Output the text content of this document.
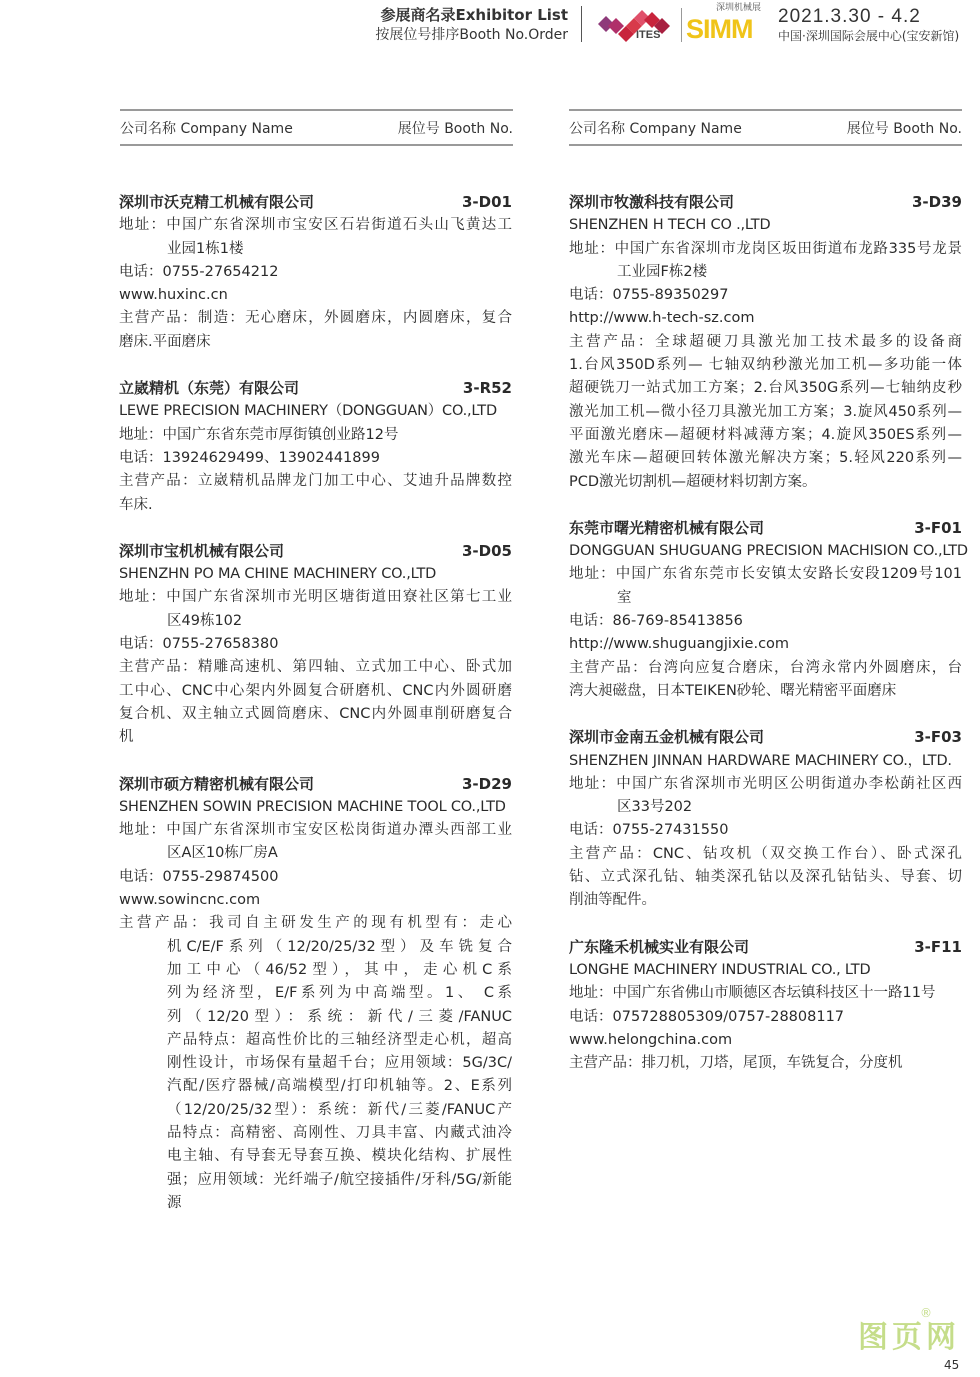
参展商名录Exhibitor List
按展位号排序Booth No.Order	ITES
深圳机械展
SIMM 2021.3.30 - 4.2
中国·深圳国际会展中心(宝安新馆)
公司名称 Company Name	展位号 Booth No.	公司名称 Company Name	展位号 Booth No.
深圳市沃克精工机械有限公司	3-D01
地址：中国广东省深圳市宝安区石岩街道石头山飞黄达工
业园1栋1楼
电话：0755-27654212
www.huxinc.cn
主营产品：制造：无心磨床，外圆磨床，内圆磨床，复合
磨床.平面磨床
立崴精机（东莞）有限公司	3-R52
LEWE PRECISION MACHINERY（DONGGUAN）CO.,LTD
地址：中国广东省东莞市厚街镇创业路12号
电话：13924629499、13902441899
主营产品：立崴精机品牌龙门加工中心、艾迪升品牌数控
车床.
深圳市宝机机械有限公司	3-D05
SHENZHN PO MA CHINE MACHINERY CO.,LTD
地址：中国广东省深圳市光明区塘街道田寮社区第七工业
区49栋102
电话：0755-27658380
主营产品：精雕高速机、第四轴、立式加工中心、卧式加
工中心、CNC中心架内外圆复合研磨机、CNC内外圆研磨
复合机、双主轴立式圆筒磨床、CNC内外圆車削研磨复合
机
深圳市硕方精密机械有限公司	3-D29
SHENZHEN SOWIN PRECISION MACHINE TOOL CO.,LTD
地址：中国广东省深圳市宝安区松岗街道办潭头西部工业
区A区10栋厂房A
电话：0755-29874500
www.sowincnc.com
主营产品：我司自主研发生产的现有机型有：走心
机C/E/F系列（12/20/25/32型）及车铣复合
加工中心（46/52型），其中，走心机C系
列为经济型，E/F系列为中高端型。1、 C系
列（12/20型）：系统：新代/三菱/FANUC
产品特点：超高性价比的三轴经济型走心机，超高
刚性设计，市场保有量超千台；应用领域：5G/3C/
汽配/医疗器械/高端模型/打印机轴等。2、E系列
（12/20/25/32型）：系统：新代/三菱/FANUC产
品特点：高精密、高刚性、刀具丰富、内藏式油冷
电主轴、有导套无导套互换、模块化结构、扩展性
强；应用领域：光纤端子/航空接插件/牙科/5G/新能
源
深圳市牧激科技有限公司	3-D39
SHENZHEN H TECH CO .,LTD
地址：中国广东省深圳市龙岗区坂田街道布龙路335号龙景
工业园F栋2楼
电话：0755-89350297
http://www.h-tech-sz.com
主营产品：全球超硬刀具激光加工技术最多的设备商
1.台风350D系列— 七轴双纳秒激光加工机—多功能一体
超硬铣刀一站式加工方案；2.台风350G系列—七轴纳皮秒
激光加工机—微小径刀具激光加工方案；3.旋风450系列—
平面激光磨床—超硬材料减薄方案；4.旋风350ES系列—
激光车床—超硬回转体激光解决方案；5.轻风220系列—
PCD激光切割机—超硬材料切割方案。
东莞市曙光精密机械有限公司	3-F01
DONGGUAN SHUGUANG PRECISION MACHISION CO.,LTD
地址：中国广东省东莞市长安镇太安路长安段1209号101
室
电话：86-769-85413856
http://www.shuguangjixie.com
主营产品：台湾向应复合磨床，台湾永常内外圆磨床，台
湾大昶磁盘，日本TEIKEN砂轮、曙光精密平面磨床
深圳市金南五金机械有限公司	3-F03
SHENZHEN JINNAN HARDWARE MACHINERY CO.，LTD.
地址：中国广东省深圳市光明区公明街道办李松蓢社区西
区33号202
电话：0755-27431550
主营产品：CNC、钻攻机（双交换工作台）、卧式深孔
钻、立式深孔钻、轴类深孔钻以及深孔钻钻头、导套、切
削油等配件。
广东隆禾机械实业有限公司	3-F11
LONGHE MACHINERY INDUSTRIAL CO., LTD
地址：中国广东省佛山市顺德区杏坛镇科技区十一路11号
电话：075728805309/0757-28808117
www.helongchina.com
主营产品：排刀机，刀塔，尾顶，车铣复合，分度机
®
图页网
45
